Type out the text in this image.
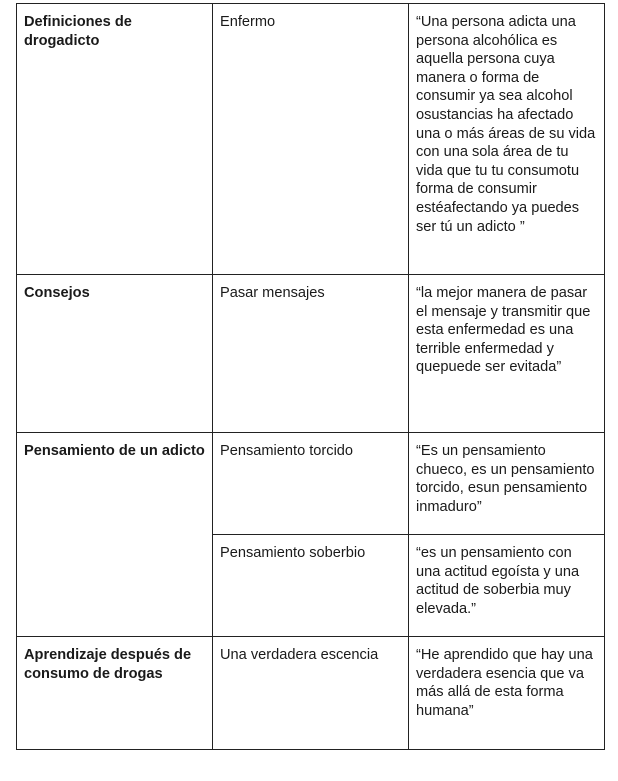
Definiciones de drogadicto	Enfermo	“Una persona adicta una persona alcohólica es aquella persona cuya manera o forma de consumir ya sea alcohol osustancias ha afectado una o más áreas de su vida con una sola área de tu vida que tu tu consumotu forma de consumir estéafectando ya puedes ser tú un adicto ”
Consejos	Pasar mensajes	“la mejor manera de pasar el mensaje y transmitir que esta enfermedad es una terrible enfermedad y quepuede ser evitada”
Pensamiento de un adicto	Pensamiento torcido	“Es un pensamiento chueco, es un pensamiento torcido, esun pensamiento inmaduro”
	Pensamiento soberbio	“es un pensamiento con una actitud egoísta y una actitud de soberbia muy elevada.”
Aprendizaje después de consumo de drogas	Una verdadera escencia	“He aprendido que hay una verdadera esencia que va más allá de esta forma humana”
